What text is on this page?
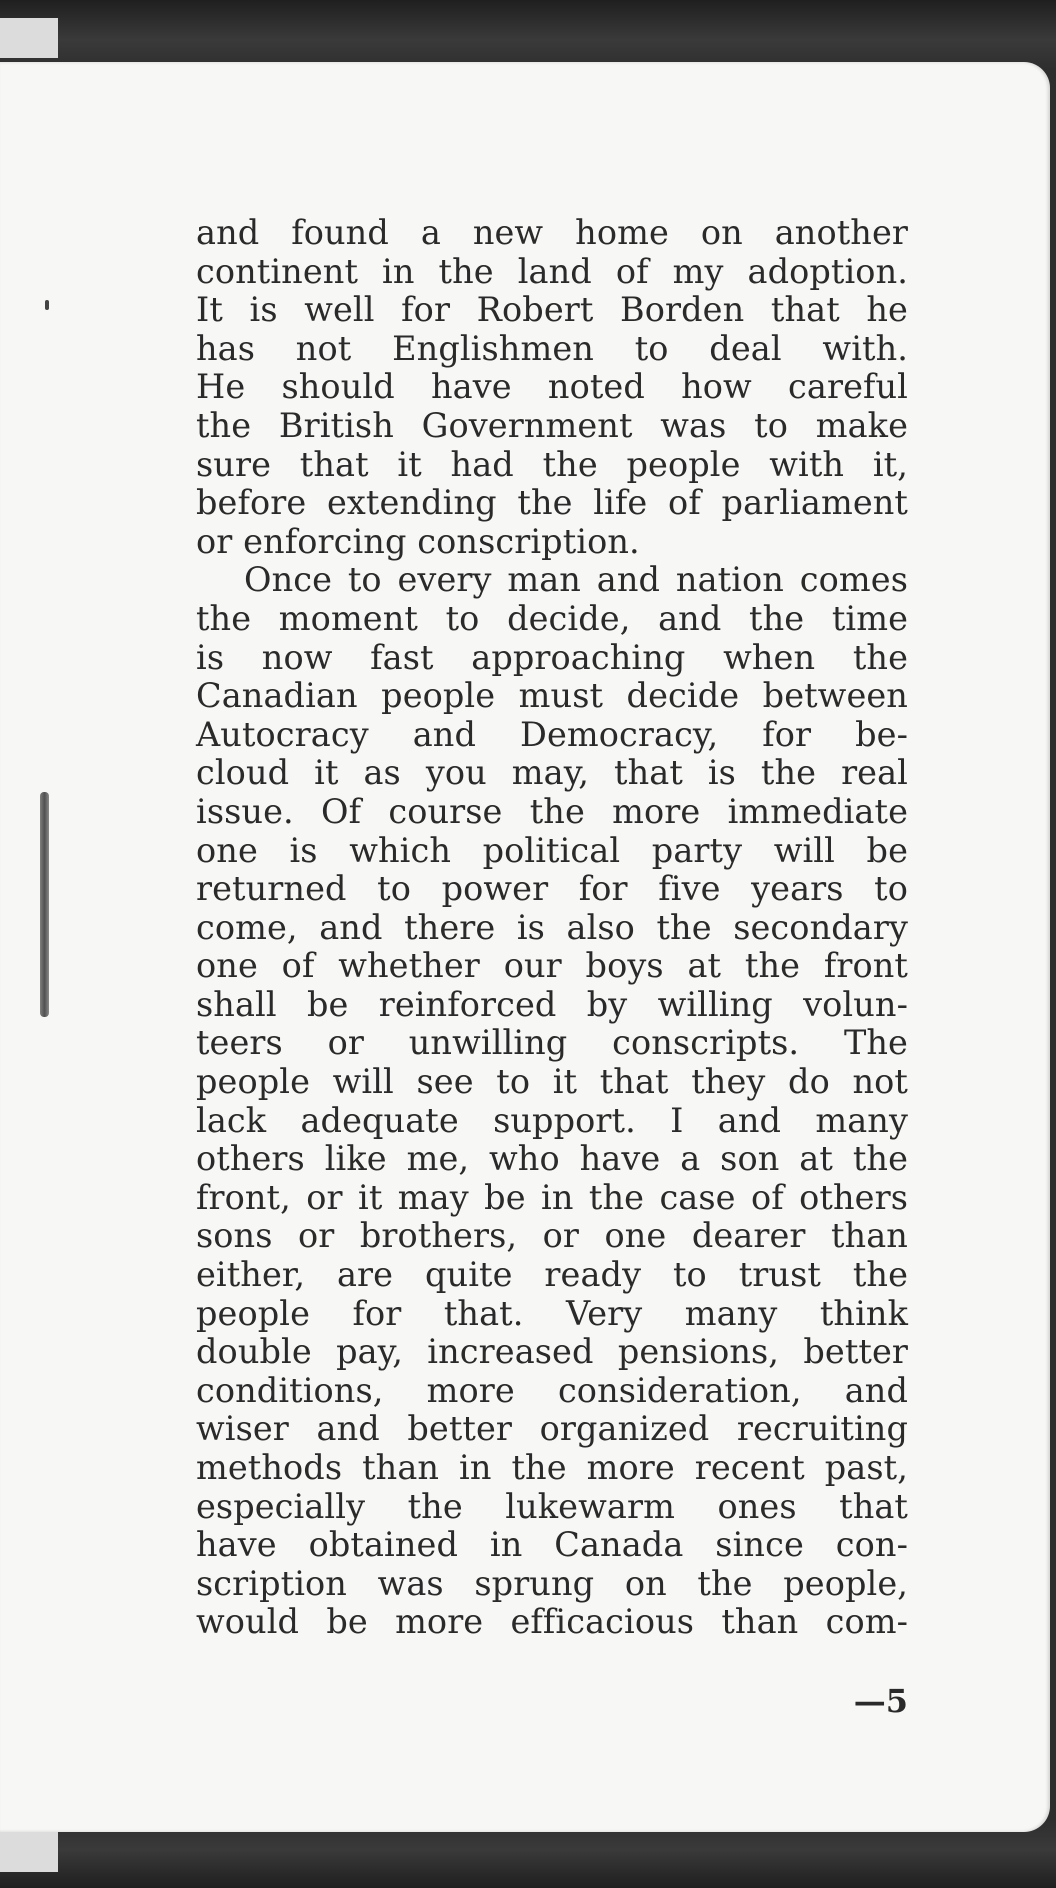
and found a new home on another
continent in the land of my adoption.
It is well for Robert Borden that he
has not Englishmen to deal with.
He should have noted how careful
the British Government was to make
sure that it had the people with it,
before extending the life of parliament
or enforcing conscription.
Once to every man and nation comes
the moment to decide, and the time
is now fast approaching when the
Canadian people must decide between
Autocracy and Democracy, for be-
cloud it as you may, that is the real
issue. Of course the more immediate
one is which political party will be
returned to power for five years to
come, and there is also the secondary
one of whether our boys at the front
shall be reinforced by willing volun-
teers or unwilling conscripts. The
people will see to it that they do not
lack adequate support. I and many
others like me, who have a son at the
front, or it may be in the case of others
sons or brothers, or one dearer than
either, are quite ready to trust the
people for that. Very many think
double pay, increased pensions, better
conditions, more consideration, and
wiser and better organized recruiting
methods than in the more recent past,
especially the lukewarm ones that
have obtained in Canada since con-
scription was sprung on the people,
would be more efficacious than com-
—5
